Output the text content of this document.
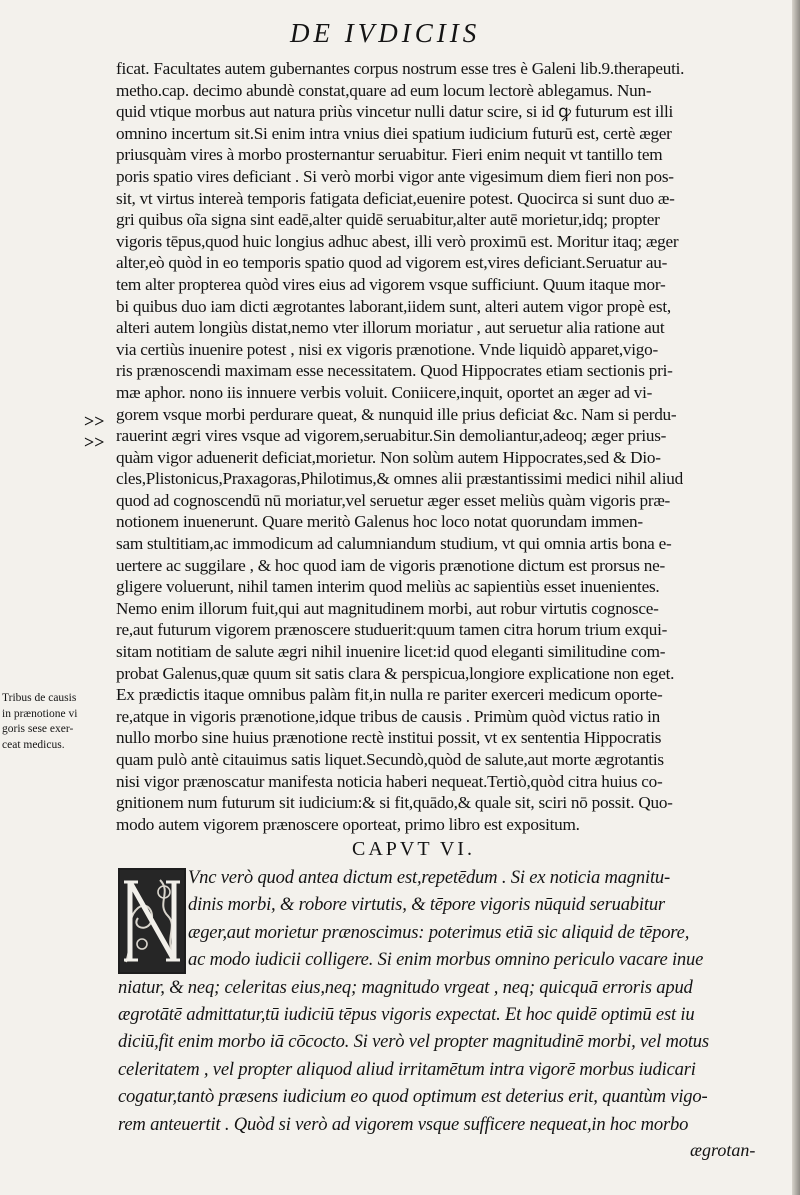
DE IVDICIIS
>>
>>
ficat. Facultates autem gubernantes corpus nostrum esse tres è Galeni lib.9.therapeuti.
metho.cap. decimo abundè constat,quare ad eum locum lectorè ablegamus. Nun-
quid vtique morbus aut natura priùs vincetur nulli datur scire, si id ꝙ futurum est illi
omnino incertum sit.Si enim intra vnius diei spatium iudicium futurū est, certè æger
priusquàm vires à morbo prosternantur seruabitur. Fieri enim nequit vt tantillo tem
poris spatio vires deficiant . Si verò morbi vigor ante vigesimum diem fieri non pos-
sit, vt virtus intereà temporis fatigata deficiat,euenire potest. Quocirca si sunt duo æ-
gri quibus oĩa signa sint eadē,alter quidē seruabitur,alter autē morietur,idq; propter
vigoris tēpus,quod huic longius adhuc abest, illi verò proximū est. Moritur itaq; æger
alter,eò quòd in eo temporis spatio quod ad vigorem est,vires deficiant.Seruatur au-
tem alter propterea quòd vires eius ad vigorem vsque sufficiunt. Quum itaque mor-
bi quibus duo iam dicti ægrotantes laborant,iidem sunt, alteri autem vigor propè est,
alteri autem longiùs distat,nemo vter illorum moriatur , aut seruetur alia ratione aut
via certiùs inuenire potest , nisi ex vigoris prænotione. Vnde liquidò apparet,vigo-
ris prænoscendi maximam esse necessitatem. Quod Hippocrates etiam sectionis pri-
mæ aphor. nono iis innuere verbis voluit. Coniicere,inquit, oportet an æger ad vi-
gorem vsque morbi perdurare queat, & nunquid ille prius deficiat &c. Nam si perdu-
rauerint ægri vires vsque ad vigorem,seruabitur.Sin demoliantur,adeoq; æger prius-
quàm vigor aduenerit deficiat,morietur. Non solùm autem Hippocrates,sed & Dio-
cles,Plistonicus,Praxagoras,Philotimus,& omnes alii præstantissimi medici nihil aliud
quod ad cognoscendū nū moriatur,vel seruetur æger esset meliùs quàm vigoris præ-
notionem inuenerunt. Quare meritò Galenus hoc loco notat quorundam immen-
sam stultitiam,ac immodicum ad calumniandum studium, vt qui omnia artis bona e-
uertere ac suggilare , & hoc quod iam de vigoris prænotione dictum est prorsus ne-
gligere voluerunt, nihil tamen interim quod meliùs ac sapientiùs esset inuenientes.
Nemo enim illorum fuit,qui aut magnitudinem morbi, aut robur virtutis cognosce-
re,aut futurum vigorem prænoscere studuerit:quum tamen citra horum trium exqui-
sitam notitiam de salute ægri nihil inuenire licet:id quod eleganti similitudine com-
probat Galenus,quæ quum sit satis clara & perspicua,longiore explicatione non eget.
Ex prædictis itaque omnibus palàm fit,in nulla re pariter exerceri medicum oporte-
re,atque in vigoris prænotione,idque tribus de causis . Primùm quòd victus ratio in
nullo morbo sine huius prænotione rectè institui possit, vt ex sententia Hippocratis
quam pulò antè citauimus satis liquet.Secundò,quòd de salute,aut morte ægrotantis
nisi vigor prænoscatur manifesta noticia haberi nequeat.Tertiò,quòd citra huius co-
gnitionem num futurum sit iudicium:& si fit,quādo,& quale sit, sciri nō possit. Quo-
modo autem vigorem prænoscere oporteat, primo libro est expositum.
Tribus de causis
in prænotione vi
goris sese exer-
ceat medicus.
CAPVT VI.
Vnc verò quod antea dictum est,repetēdum . Si ex noticia magnitu-
dinis morbi, & robore virtutis, & tēpore vigoris nūquid seruabitur
æger,aut morietur prænoscimus: poterimus etiā sic aliquid de tēpore,
ac modo iudicii colligere. Si enim morbus omnino periculo vacare inue
niatur, & neq; celeritas eius,neq; magnitudo vrgeat , neq; quicquā erroris apud
ægrotātē admittatur,tū iudiciū tēpus vigoris expectat. Et hoc quidē optimū est iu
diciū,fit enim morbo iā cōcocto. Si verò vel propter magnitudinē morbi, vel motus
celeritatem , vel propter aliquod aliud irritamētum intra vigorē morbus iudicari
cogatur,tantò præsens iudicium eo quod optimum est deterius erit, quantùm vigo-
rem anteuertit . Quòd si verò ad vigorem vsque sufficere nequeat,in hoc morbo
ægrotan-
